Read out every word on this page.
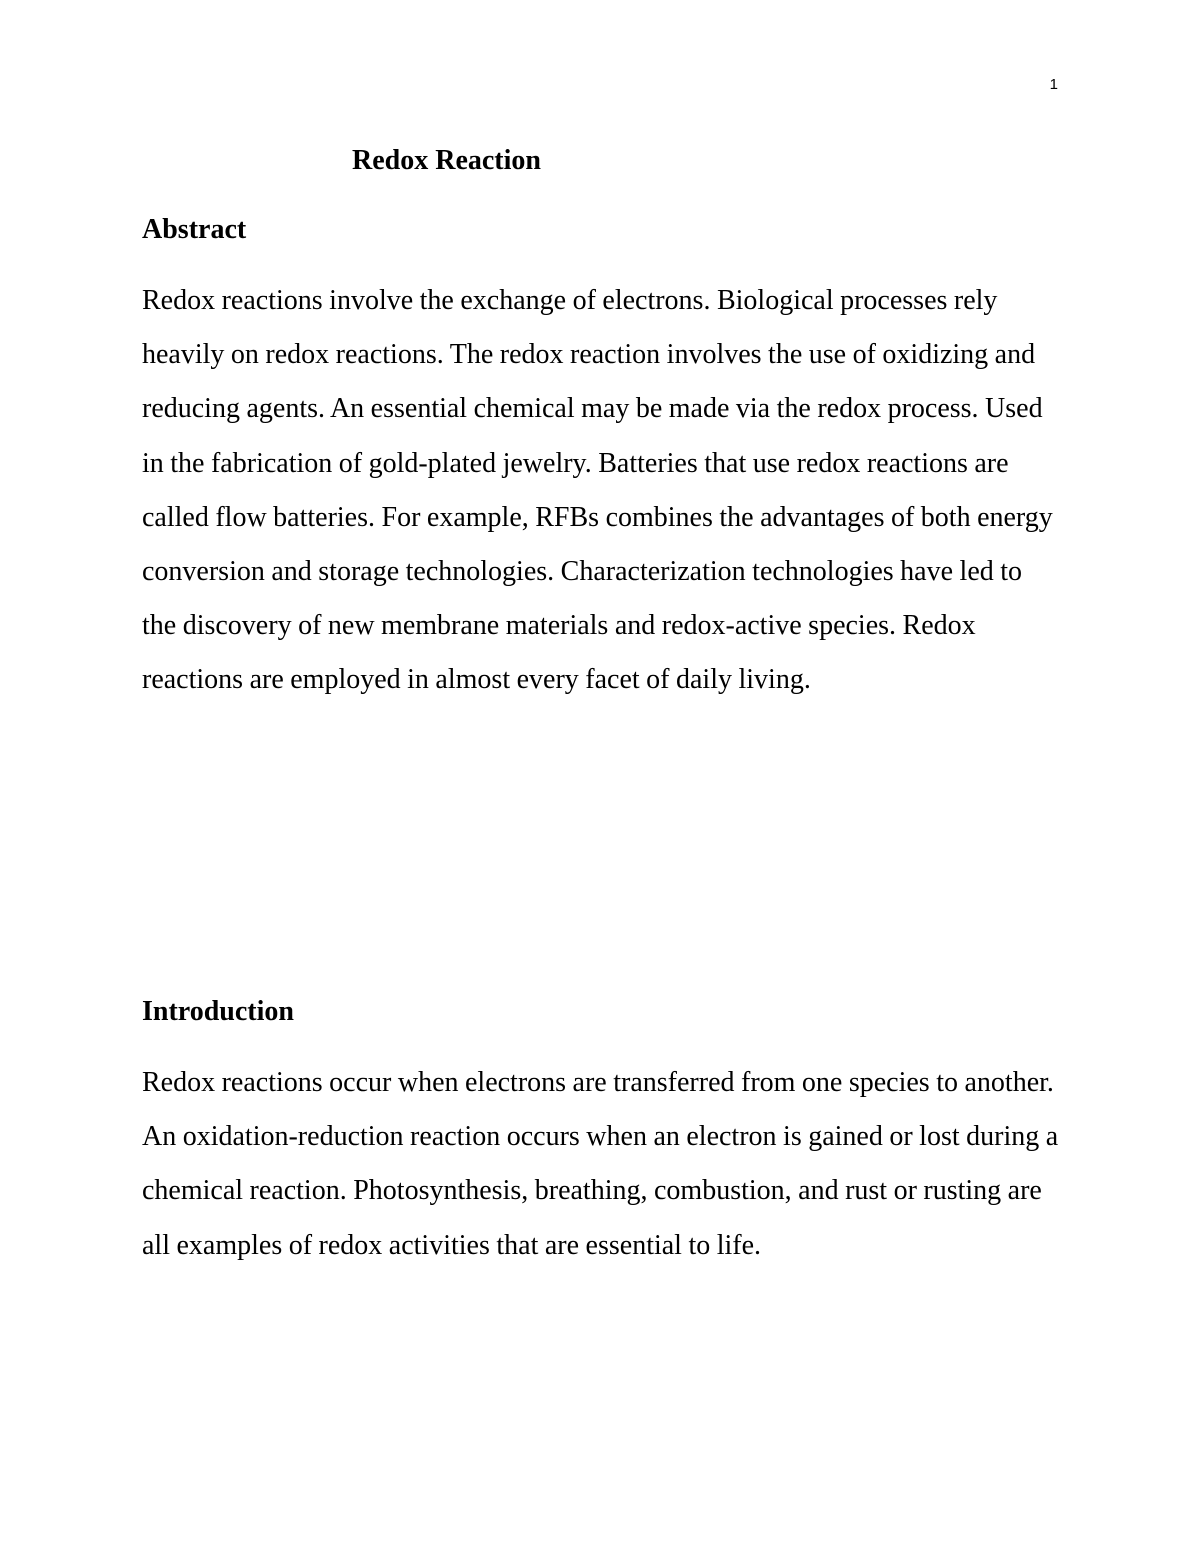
1
Redox Reaction
Abstract

Redox reactions involve the exchange of electrons. Biological processes rely heavily on redox reactions. The redox reaction involves the use of oxidizing and reducing agents. An essential chemical may be made via the redox process. Used in the fabrication of gold-plated jewelry. Batteries that use redox reactions are called flow batteries. For example, RFBs combines the advantages of both energy conversion and storage technologies. Characterization technologies have led to the discovery of new membrane materials and redox-active species. Redox reactions are employed in almost every facet of daily living.

Introduction

Redox reactions occur when electrons are transferred from one species to another. An oxidation-reduction reaction occurs when an electron is gained or lost during a chemical reaction. Photosynthesis, breathing, combustion, and rust or rusting are all examples of redox activities that are essential to life.
